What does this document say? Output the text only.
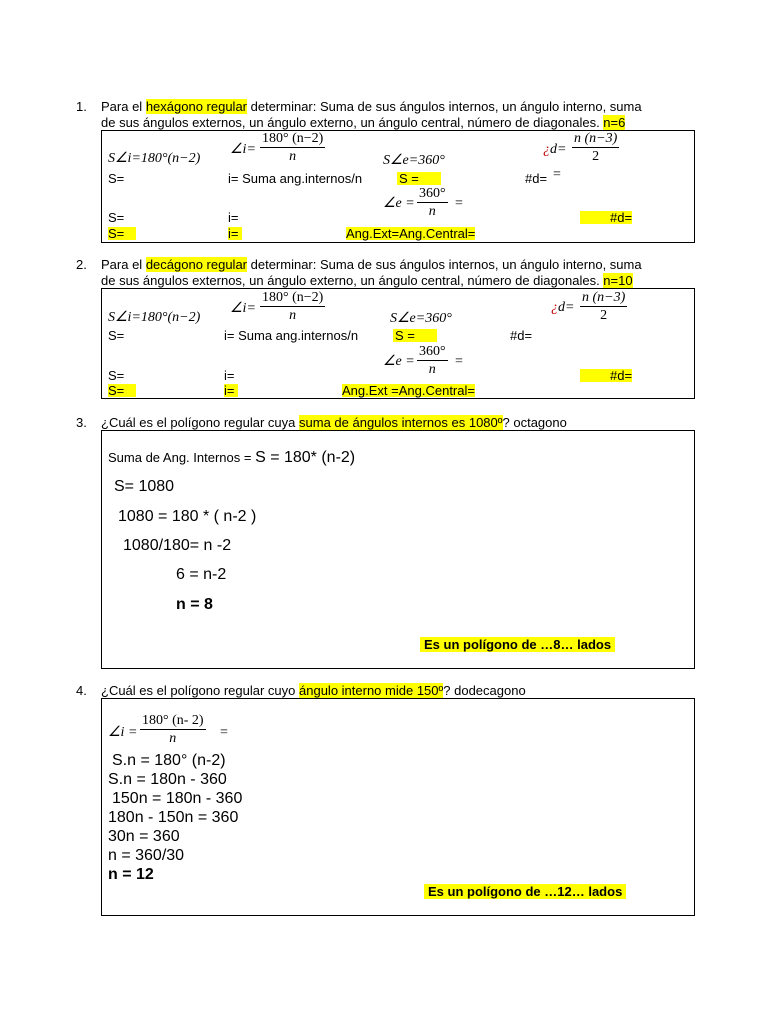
1. Para el hexágono regular determinar: Suma de sus ángulos internos, un ángulo interno, suma
de sus ángulos externos, un ángulo externo, un ángulo central, número de diagonales. n=6
S∠i=180°(n−2)
∠i= $\frac{180^\circ (n-2)}{n}$	S∠e=360°
¿$d= \frac{n (n-3)}{2}$
S=	i= Suma ang.internos/n	S =	#d= =
∠e = $\frac{360^\circ}{n}$ =
S=	i=	#d=
S=	i=	Ang.Ext=Ang.Central=
2. Para el decágono regular determinar: Suma de sus ángulos internos, un ángulo interno, suma
de sus ángulos externos, un ángulo externo, un ángulo central, número de diagonales. n=10
S∠i=180°(n−2)
∠i= $\frac{180^\circ (n-2)}{n}$	S∠e=360°
¿$d= \frac{n (n-3)}{2}$
S=	i= Suma ang.internos/n	S =	#d=
∠e = $\frac{360^\circ}{n}$ =
S=	i=	#d=
S=	i=	Ang.Ext =Ang.Central=
3. ¿Cuál es el polígono regular cuya suma de ángulos internos es 1080º? octagono
Suma de Ang. Internos = S = 180* (n-2)
S= 1080
1080 = 180 * ( n-2 )
1080/180= n -2
6 = n-2
n = 8
Es un polígono de …8… lados
4. ¿Cuál es el polígono regular cuyo ángulo interno mide 150º? dodecagono
∠i = $\frac{180^\circ (n- 2)}{n}$ =
S.n = 180° (n-2)
S.n = 180n - 360
150n = 180n - 360
180n - 150n = 360
30n = 360
n = 360/30
n = 12
Es un polígono de …12… lados
